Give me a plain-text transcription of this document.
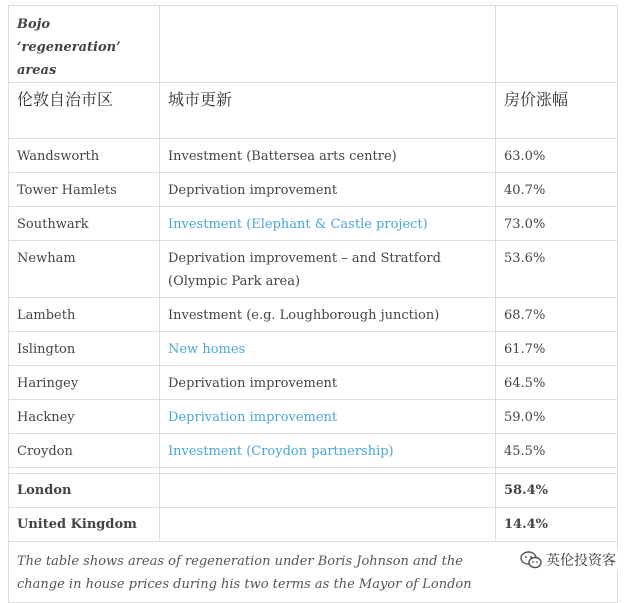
Bojo ‘regeneration’ areas		
伦敦自治市区	城市更新	房价涨幅
Wandsworth	Investment (Battersea arts centre)	63.0%
Tower Hamlets	Deprivation improvement	40.7%
Southwark	Investment (Elephant & Castle project)	73.0%
Newham	Deprivation improvement – and Stratford (Olympic Park area)	53.6%
Lambeth	Investment (e.g. Loughborough junction)	68.7%
Islington	New homes	61.7%
Haringey	Deprivation improvement	64.5%
Hackney	Deprivation improvement	59.0%
Croydon	Investment (Croydon partnership)	45.5%

London		58.4%
United Kingdom		14.4%
The table shows areas of regeneration under Boris Johnson and the change in house prices during his two terms as the Mayor of London		
英伦投资客
